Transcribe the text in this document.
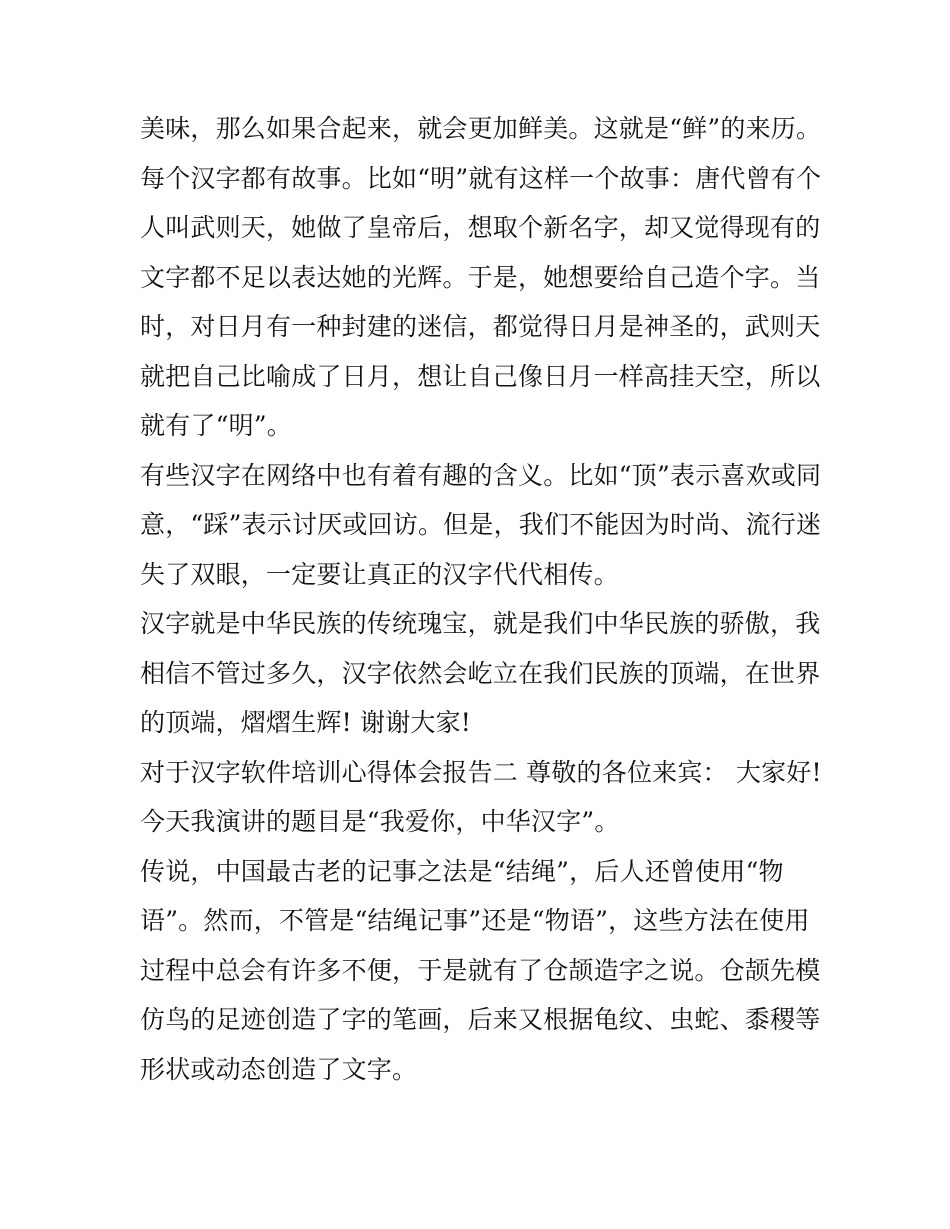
美味，那么如果合起来，就会更加鲜美。这就是“鲜”的来历。
每个汉字都有故事。比如“明”就有这样一个故事：唐代曾有个
人叫武则天，她做了皇帝后，想取个新名字，却又觉得现有的
文字都不足以表达她的光辉。于是，她想要给自己造个字。当
时，对日月有一种封建的迷信，都觉得日月是神圣的，武则天
就把自己比喻成了日月，想让自己像日月一样高挂天空，所以
就有了“明”。
有些汉字在网络中也有着有趣的含义。比如“顶”表示喜欢或同
意，“踩”表示讨厌或回访。但是，我们不能因为时尚、流行迷
失了双眼，一定要让真正的汉字代代相传。
汉字就是中华民族的传统瑰宝，就是我们中华民族的骄傲，我
相信不管过多久，汉字依然会屹立在我们民族的顶端，在世界
的顶端，熠熠生辉! 谢谢大家!
对于汉字软件培训心得体会报告二 尊敬的各位来宾： 大家好!
今天我演讲的题目是“我爱你，中华汉字”。
传说，中国最古老的记事之法是“结绳”，后人还曾使用“物
语”。然而，不管是“结绳记事”还是“物语”，这些方法在使用
过程中总会有许多不便，于是就有了仓颉造字之说。仓颉先模
仿鸟的足迹创造了字的笔画，后来又根据龟纹、虫蛇、黍稷等
形状或动态创造了文字。
